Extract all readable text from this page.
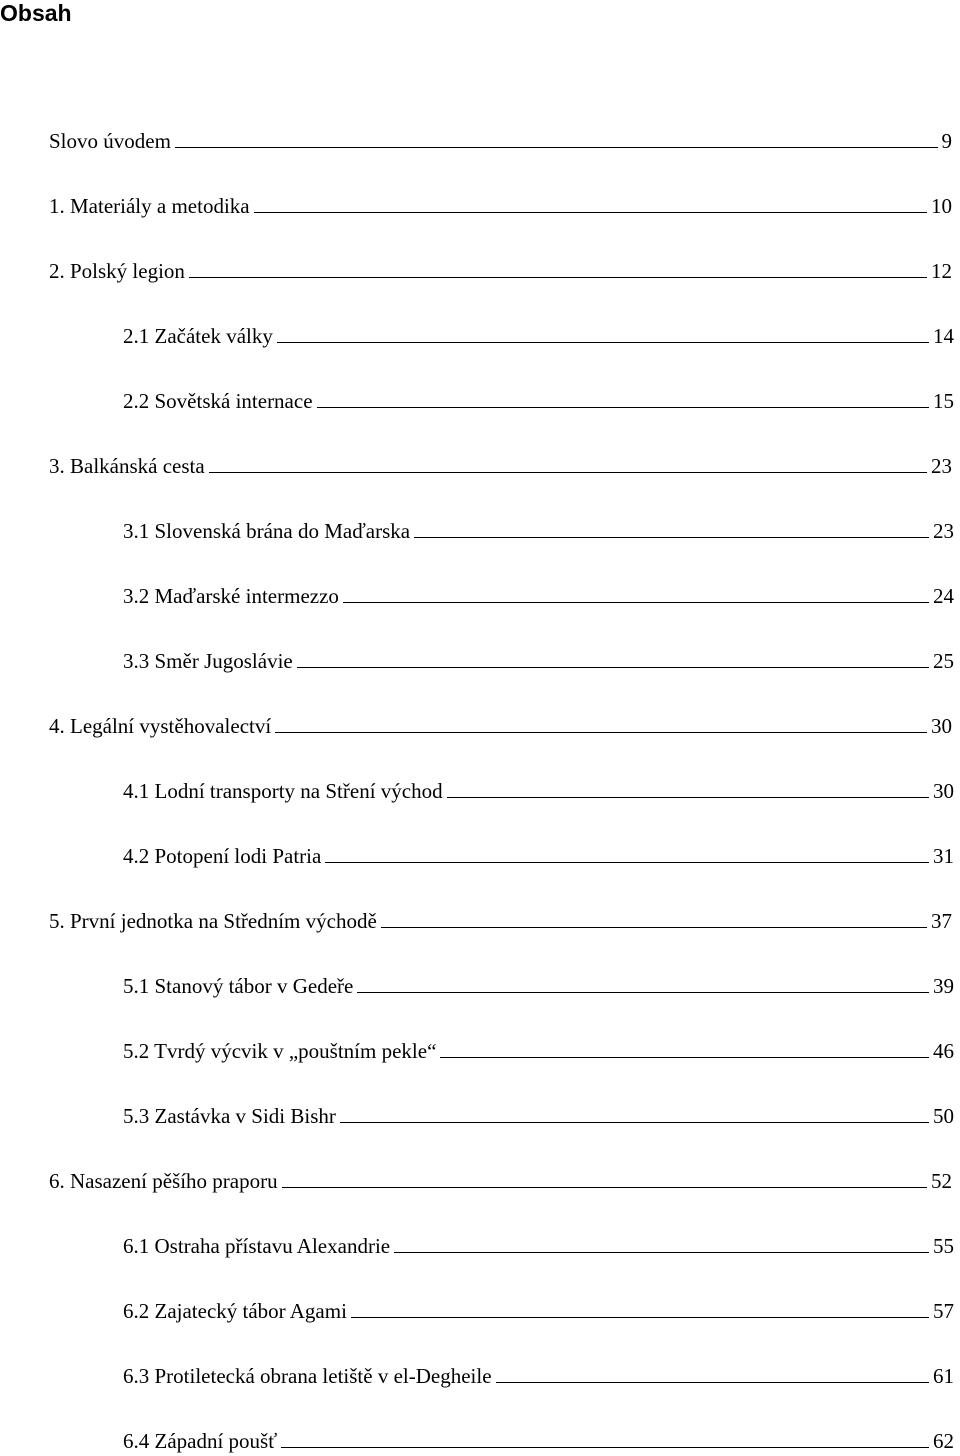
Obsah
Slovo úvodem	9
1. Materiály a metodika	10
2. Polský legion	12
2.1 Začátek války	14
2.2 Sovětská internace	15
3. Balkánská cesta	23
3.1 Slovenská brána do Maďarska	23
3.2 Maďarské intermezzo	24
3.3 Směr Jugoslávie	25
4. Legální vystěhovalectví	30
4.1 Lodní transporty na Stření východ	30
4.2 Potopení lodi Patria	31
5. První jednotka na Středním východě	37
5.1 Stanový tábor v Gedeře	39
5.2 Tvrdý výcvik v „pouštním pekle“	46
5.3 Zastávka v Sidi Bishr	50
6. Nasazení pěšího praporu	52
6.1 Ostraha přístavu Alexandrie	55
6.2 Zajatecký tábor Agami	57
6.3 Protiletecká obrana letiště v el-Degheile	61
6.4 Západní poušť	62
